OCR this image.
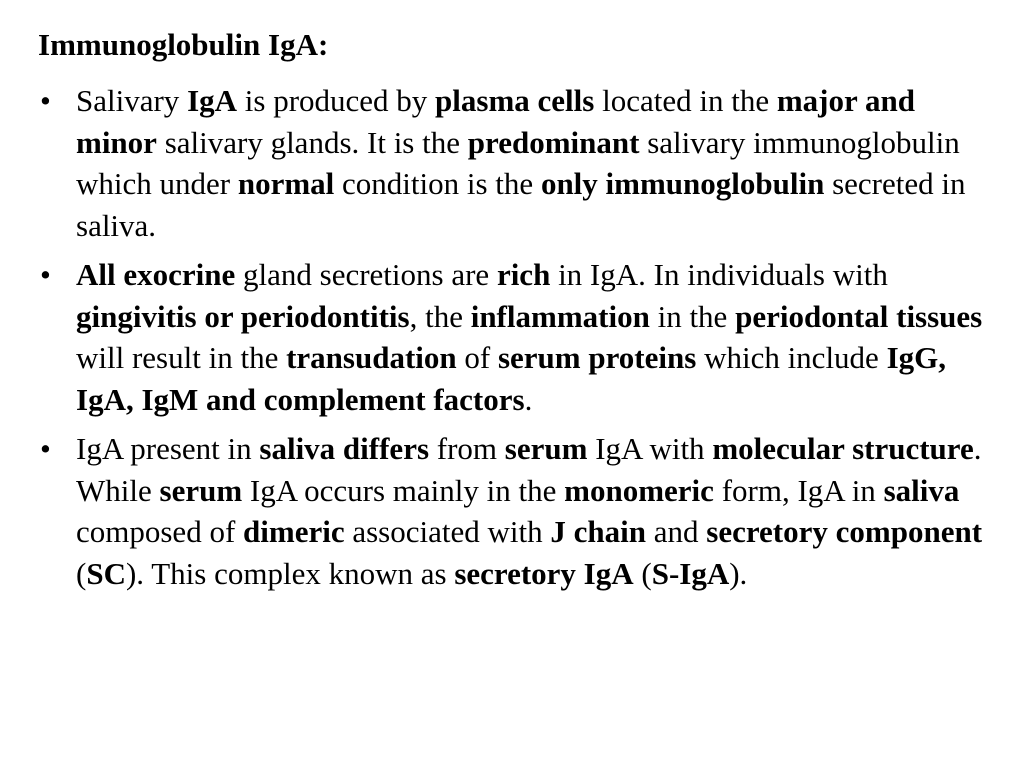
Immunoglobulin IgA:
• Salivary IgA is produced by plasma cells located in the major and minor salivary glands. It is the predominant salivary immunoglobulin which under normal condition is the only immunoglobulin secreted in saliva.
• All exocrine gland secretions are rich in IgA. In individuals with gingivitis or periodontitis, the inflammation in the periodontal tissues will result in the transudation of serum proteins which include IgG, IgA, IgM and complement factors.
• IgA present in saliva differs from serum IgA with molecular structure. While serum IgA occurs mainly in the monomeric form, IgA in saliva composed of dimeric associated with J chain and secretory component (SC). This complex known as secretory IgA (S-IgA).
